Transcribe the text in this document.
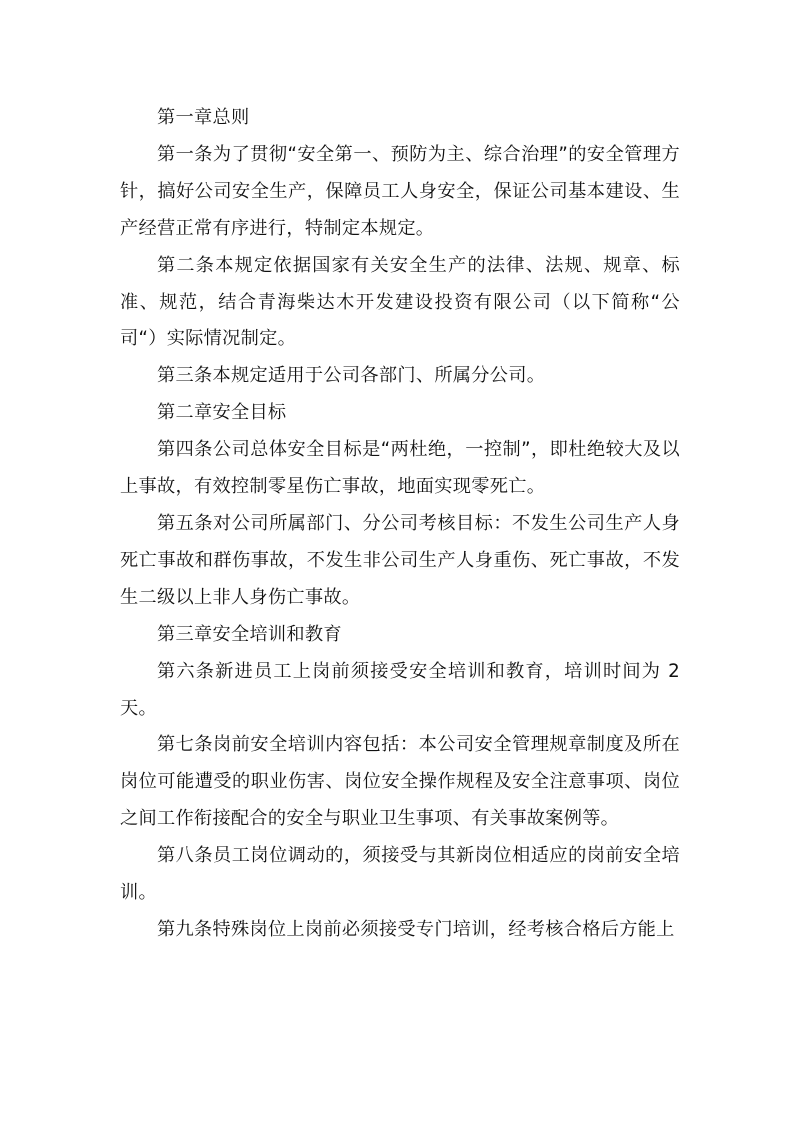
第一章总则

第一条为了贯彻“安全第一、预防为主、综合治理”的安全管理方针，搞好公司安全生产，保障员工人身安全，保证公司基本建设、生产经营正常有序进行，特制定本规定。

第二条本规定依据国家有关安全生产的法律、法规、规章、标准、规范，结合青海柴达木开发建设投资有限公司（以下简称“公司“）实际情况制定。

第三条本规定适用于公司各部门、所属分公司。

第二章安全目标

第四条公司总体安全目标是“两杜绝，一控制”，即杜绝较大及以上事故，有效控制零星伤亡事故，地面实现零死亡。

第五条对公司所属部门、分公司考核目标：不发生公司生产人身死亡事故和群伤事故，不发生非公司生产人身重伤、死亡事故，不发生二级以上非人身伤亡事故。

第三章安全培训和教育

第六条新进员工上岗前须接受安全培训和教育，培训时间为 2 天。

第七条岗前安全培训内容包括：本公司安全管理规章制度及所在岗位可能遭受的职业伤害、岗位安全操作规程及安全注意事项、岗位之间工作衔接配合的安全与职业卫生事项、有关事故案例等。

第八条员工岗位调动的，须接受与其新岗位相适应的岗前安全培训。

第九条特殊岗位上岗前必须接受专门培训，经考核合格后方能上
